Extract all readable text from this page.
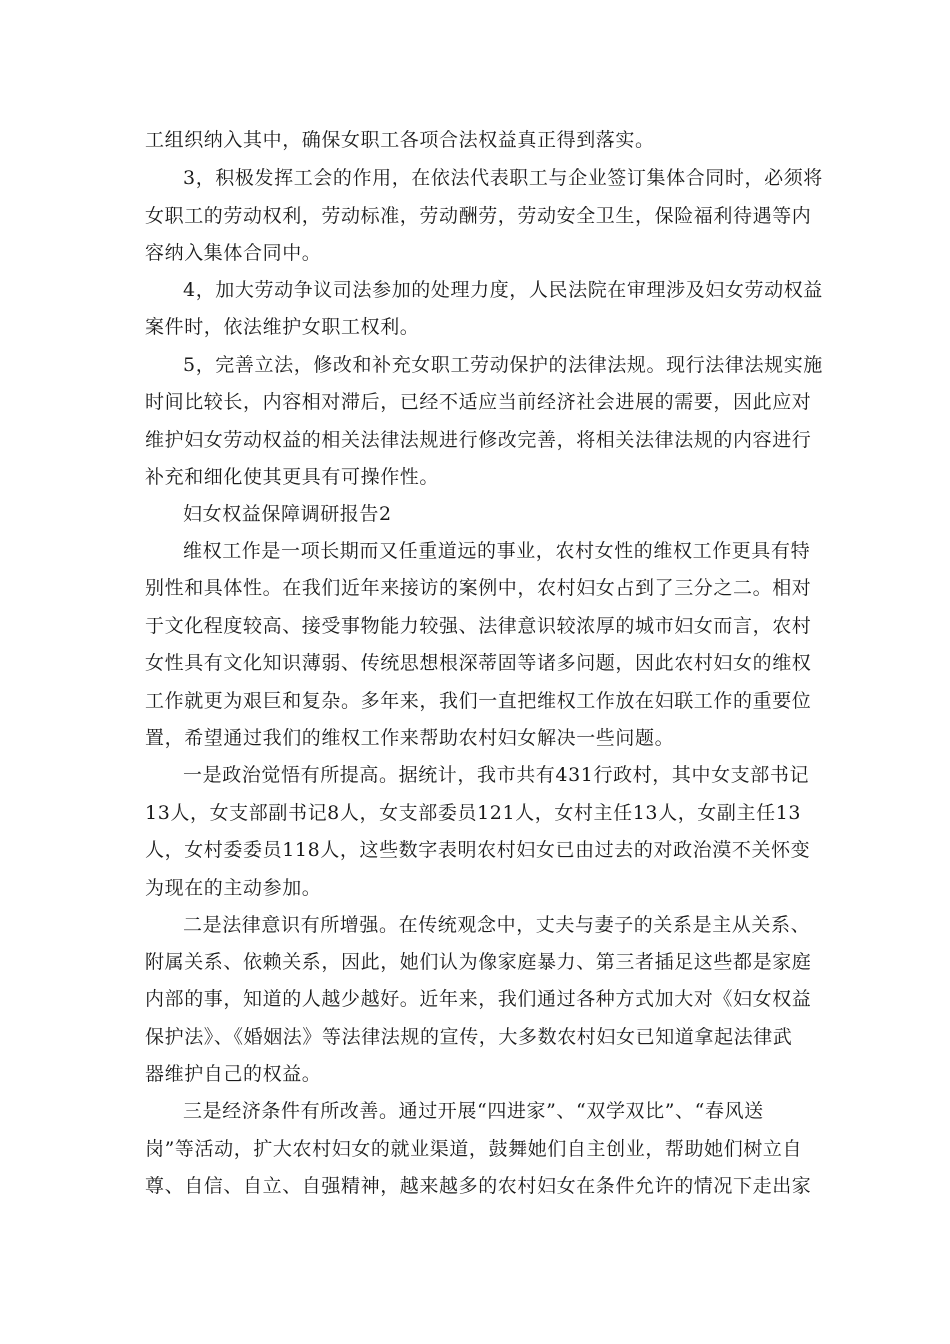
工组织纳入其中，确保女职工各项合法权益真正得到落实。
3，积极发挥工会的作用，在依法代表职工与企业签订集体合同时，必须将
女职工的劳动权利，劳动标准，劳动酬劳，劳动安全卫生，保险福利待遇等内
容纳入集体合同中。
4，加大劳动争议司法参加的处理力度，人民法院在审理涉及妇女劳动权益
案件时，依法维护女职工权利。
5，完善立法，修改和补充女职工劳动保护的法律法规。现行法律法规实施
时间比较长，内容相对滞后，已经不适应当前经济社会进展的需要，因此应对
维护妇女劳动权益的相关法律法规进行修改完善，将相关法律法规的内容进行
补充和细化使其更具有可操作性。
妇女权益保障调研报告2
维权工作是一项长期而又任重道远的事业，农村女性的维权工作更具有特
别性和具体性。在我们近年来接访的案例中，农村妇女占到了三分之二。相对
于文化程度较高、接受事物能力较强、法律意识较浓厚的城市妇女而言，农村
女性具有文化知识薄弱、传统思想根深蒂固等诸多问题，因此农村妇女的维权
工作就更为艰巨和复杂。多年来，我们一直把维权工作放在妇联工作的重要位
置，希望通过我们的维权工作来帮助农村妇女解决一些问题。
一是政治觉悟有所提高。据统计，我市共有431行政村，其中女支部书记
13人，女支部副书记8人，女支部委员121人，女村主任13人，女副主任13
人，女村委委员118人，这些数字表明农村妇女已由过去的对政治漠不关怀变
为现在的主动参加。
二是法律意识有所增强。在传统观念中，丈夫与妻子的关系是主从关系、
附属关系、依赖关系，因此，她们认为像家庭暴力、第三者插足这些都是家庭
内部的事，知道的人越少越好。近年来，我们通过各种方式加大对《妇女权益
保护法》、《婚姻法》等法律法规的宣传，大多数农村妇女已知道拿起法律武
器维护自己的权益。
三是经济条件有所改善。通过开展“四进家”、“双学双比”、“春风送
岗”等活动，扩大农村妇女的就业渠道，鼓舞她们自主创业，帮助她们树立自
尊、自信、自立、自强精神，越来越多的农村妇女在条件允许的情况下走出家
